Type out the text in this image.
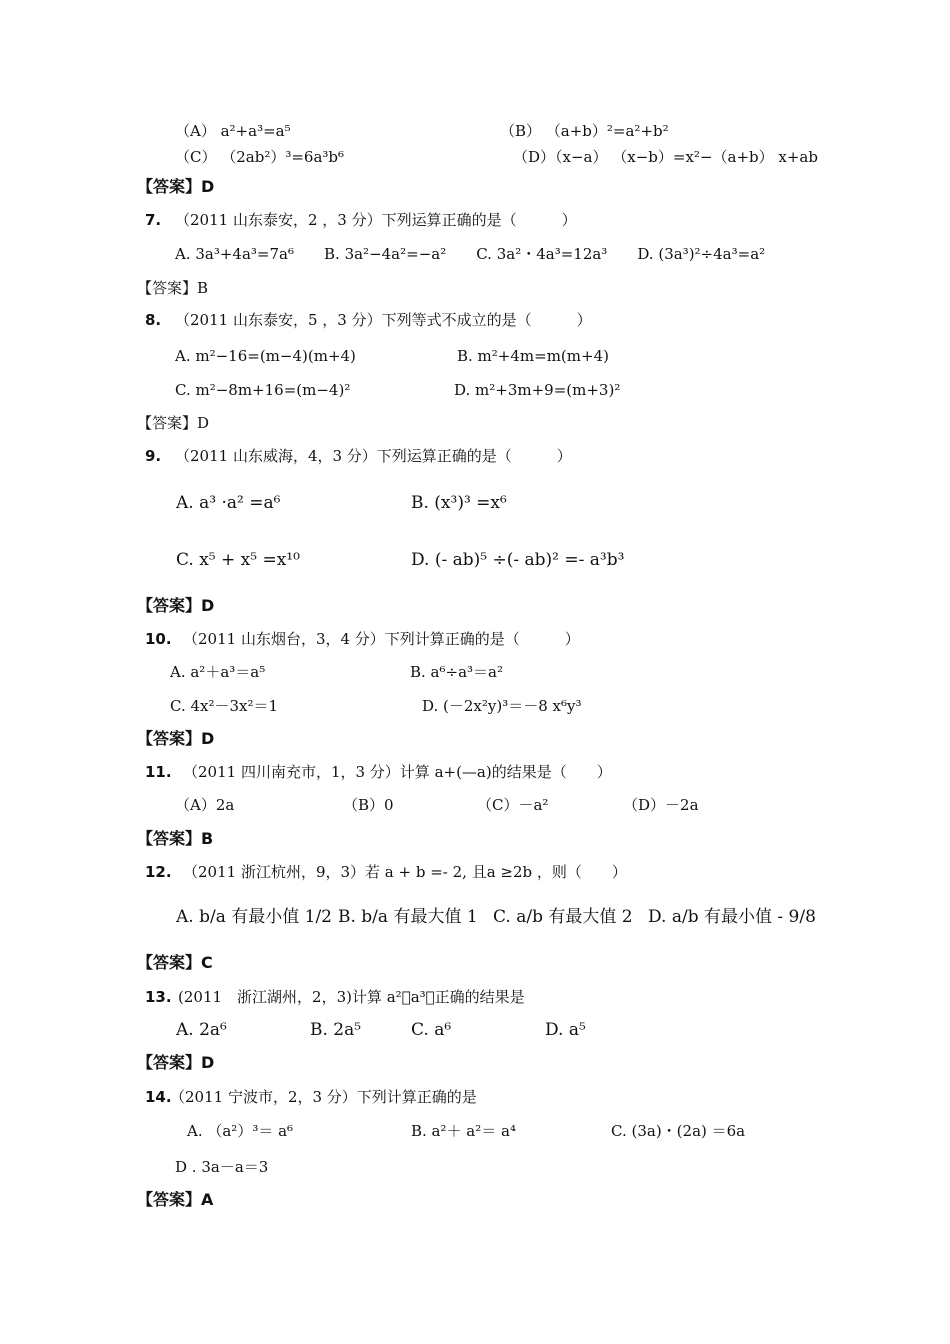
（A） a²+a³=a⁵	（B） （a+b）²=a²+b²
（C） （2ab²）³=6a³b⁶	（D）（x−a） （x−b）=x²−（a+b） x+ab
【答案】D
7. （2011 山东泰安，2 ，3 分）下列运算正确的是（　　　）
A. 3a³+4a³=7a⁶　　B. 3a²−4a²=−a²　　C. 3a²・4a³=12a³　　D. (3a³)²÷4a³=a²
【答案】B
8. （2011 山东泰安，5 ，3 分）下列等式不成立的是（　　　）
A. m²−16=(m−4)(m+4)	B. m²+4m=m(m+4)
C. m²−8m+16=(m−4)²	D. m²+3m+9=(m+3)²
【答案】D
9. （2011 山东威海，4，3 分）下列运算正确的是（　　　）
A. a³ ·a² =a⁶	B. (x³)³ =x⁶
C. x⁵ + x⁵ =x¹⁰	D. (- ab)⁵ ÷(- ab)² =- a³b³
【答案】D
10. （2011 山东烟台，3，4 分）下列计算正确的是（　　　）
A. a²＋a³＝a⁵	B. a⁶÷a³＝a²
C. 4x²－3x²＝1	D. (－2x²y)³＝－8 x⁶y³
【答案】D
11. （2011 四川南充市，1，3 分）计算 a+(—a)的结果是（　　）
（A）2a	（B）0	（C）－a²	（D）－2a
【答案】B
12. （2011 浙江杭州，9，3）若 a + b =- 2, 且a ≥2b ，则（　　）
A. b/a 有最小值 1/2 B. b/a 有最大值 1 C. a/b 有最大值 2 D. a/b 有最小值 - 9/8
【答案】C
13. (2011　浙江湖州，2，3)计算 a²⃞a³，正确的结果是
A. 2a⁶	B. 2a⁵	C. a⁶	D. a⁵
【答案】D
14.
（2011 宁波市，2，3 分）下列计算正确的是
A. （a²）³＝ a⁶	B. a²＋ a²＝ a⁴	C. (3a)・(2a) ＝6a
D . 3a－a＝3
【答案】A
